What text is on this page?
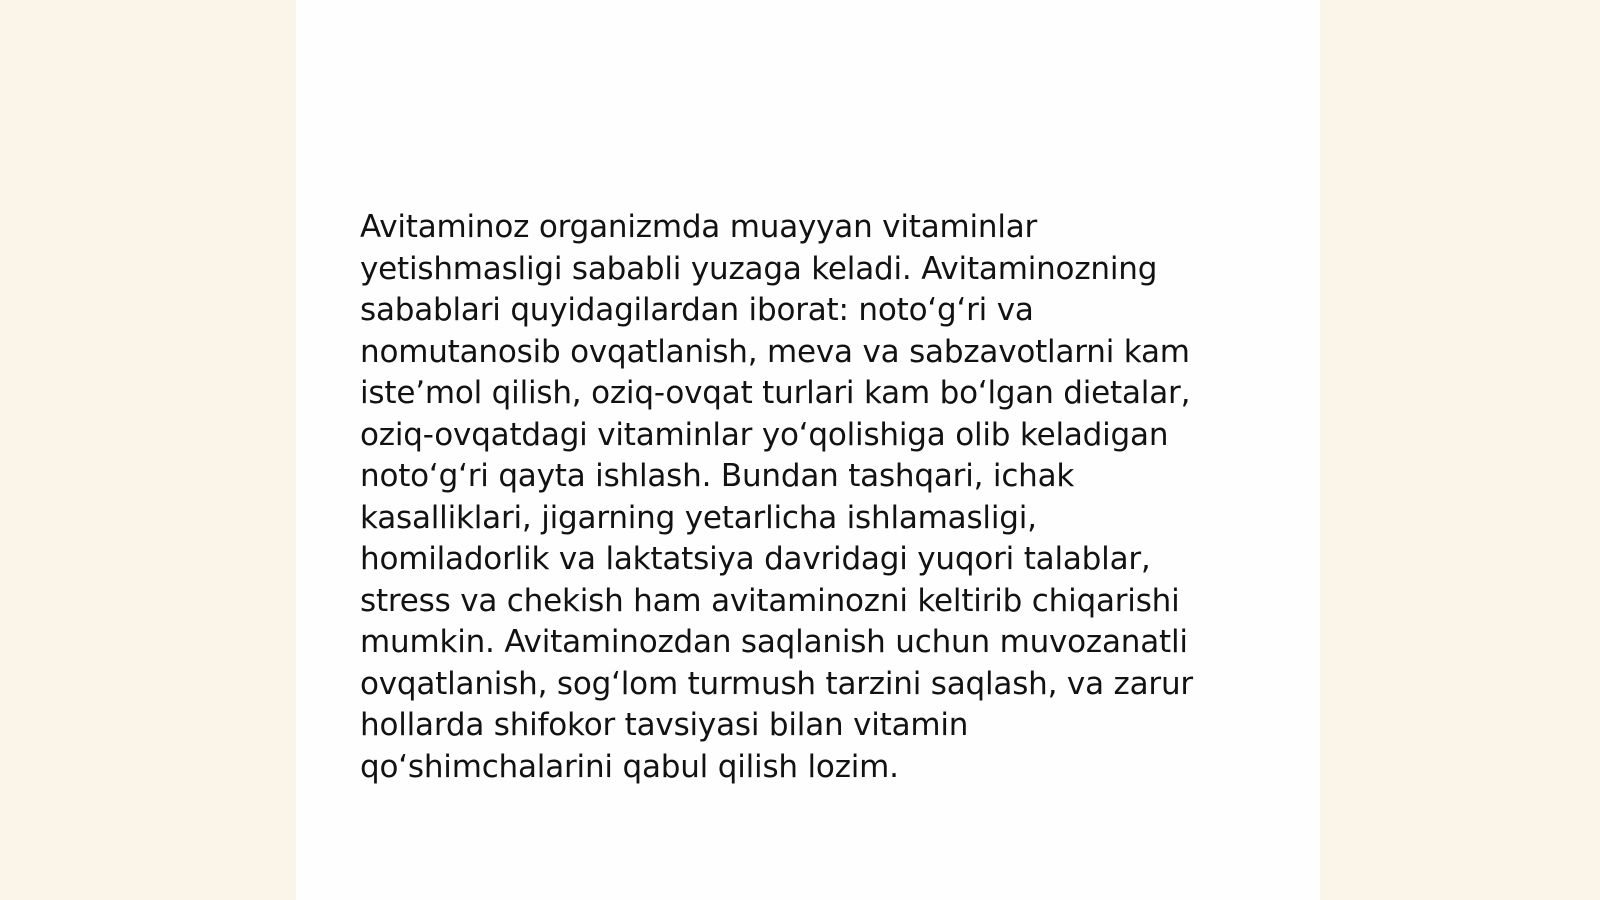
Avitaminoz organizmda muayyan vitaminlar
yetishmasligi sababli yuzaga keladi. Avitaminozning
sabablari quyidagilardan iborat: noto‘g‘ri va
nomutanosib ovqatlanish, meva va sabzavotlarni kam
iste’mol qilish, oziq-ovqat turlari kam bo‘lgan dietalar,
oziq-ovqatdagi vitaminlar yo‘qolishiga olib keladigan
noto‘g‘ri qayta ishlash. Bundan tashqari, ichak
kasalliklari, jigarning yetarlicha ishlamasligi,
homiladorlik va laktatsiya davridagi yuqori talablar,
stress va chekish ham avitaminozni keltirib chiqarishi
mumkin. Avitaminozdan saqlanish uchun muvozanatli
ovqatlanish, sog‘lom turmush tarzini saqlash, va zarur
hollarda shifokor tavsiyasi bilan vitamin
qo‘shimchalarini qabul qilish lozim.
